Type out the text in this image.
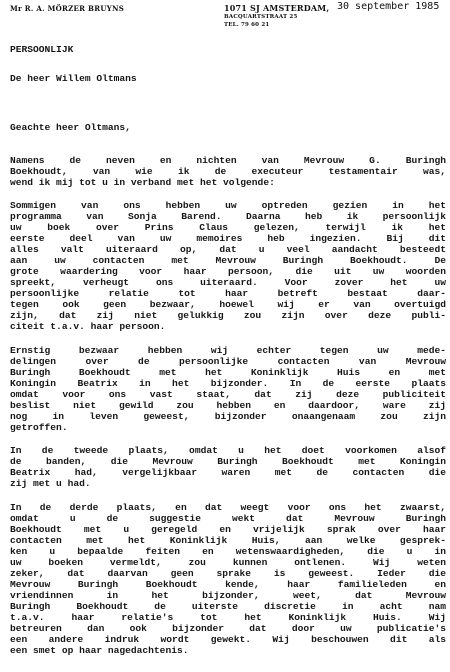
Mr R. A. MÖRZER BRUYNS	1071 SJ AMSTERDAM,
BACQUARTSTRAAT 25
TEL. 79 60 21
30 september 1985
PERSOONLIJK
De heer Willem Oltmans
Geachte heer Oltmans,
Namens de neven en nichten van Mevrouw G. Buringh
Boekhoudt, van wie ik de executeur testamentair was,
wend ik mij tot u in verband met het volgende:
Sommigen van ons hebben uw optreden gezien in het
programma van Sonja Barend. Daarna heb ik persoonlijk
uw boek over Prins Claus gelezen, terwijl ik het
eerste deel van uw memoires heb ingezien. Bij dit
alles valt uiteraard op, dat u veel aandacht besteedt
aan uw contacten met Mevrouw Buringh Boekhoudt. De
grote waardering voor haar persoon, die uit uw woorden
spreekt, verheugt ons uiteraard. Voor zover het uw
persoonlijke relatie tot haar betreft bestaat daar-
tegen ook geen bezwaar, hoewel wij er van overtuigd
zijn, dat zij niet gelukkig zou zijn over deze publi-
citeit t.a.v. haar persoon.
Ernstig bezwaar hebben wij echter tegen uw mede-
delingen over de persoonlijke contacten van Mevrouw
Buringh Boekhoudt met het Koninklijk Huis en met
Koningin Beatrix in het bijzonder. In de eerste plaats
omdat voor ons vast staat, dat zij deze publiciteit
beslist niet gewild zou hebben en daardoor, ware zij
nog in leven geweest, bijzonder onaangenaam zou zijn
getroffen.
In de tweede plaats, omdat u het doet voorkomen alsof
de banden, die Mevrouw Buringh Boekhoudt met Koningin
Beatrix had, vergelijkbaar waren met de contacten die
zij met u had.
In de derde plaats, en dat weegt voor ons het zwaarst,
omdat u de suggestie wekt dat Mevrouw Buringh
Boekhoudt met u geregeld en vrijelijk sprak over haar
contacten met het Koninklijk Huis, aan welke gesprek-
ken u bepaalde feiten en wetenswaardigheden, die u in
uw boeken vermeldt, zou kunnen ontlenen. Wij weten
zeker, dat daarvan geen sprake is geweest. Ieder die
Mevrouw Buringh Boekhoudt kende, haar familieleden en
vriendinnen in het bijzonder, weet, dat Mevrouw
Buringh Boekhoudt de uiterste discretie in acht nam
t.a.v. haar relatie's tot het Koninklijk Huis. Wij
betreuren dan ook bijzonder dat door uw publicatie's
een andere indruk wordt gewekt. Wij beschouwen dit als
een smet op haar nagedachtenis.
